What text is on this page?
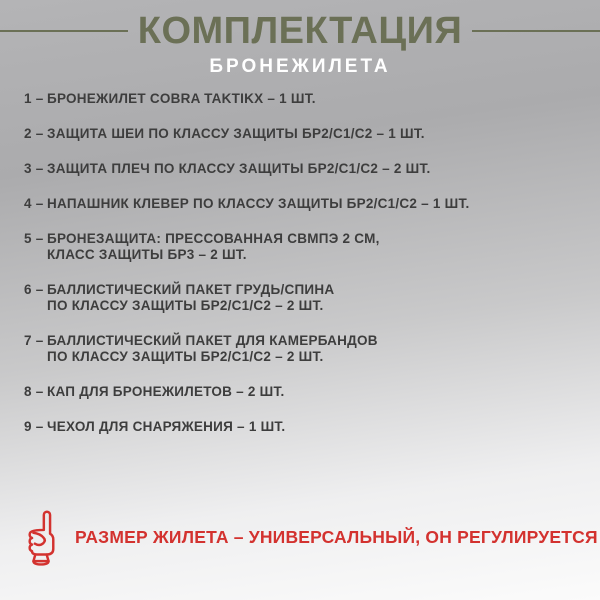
КОМПЛЕКТАЦИЯ
БРОНЕЖИЛЕТА
1 – БРОНЕЖИЛЕТ COBRA TAKTIKX – 1 ШТ.
2 – ЗАЩИТА ШЕИ ПО КЛАССУ ЗАЩИТЫ БР2/С1/С2 – 1 ШТ.
3 – ЗАЩИТА ПЛЕЧ ПО КЛАССУ ЗАЩИТЫ БР2/С1/С2 – 2 ШТ.
4 – НАПАШНИК КЛЕВЕР ПО КЛАССУ ЗАЩИТЫ БР2/С1/С2 – 1 ШТ.
5 – БРОНЕЗАЩИТА: ПРЕССОВАННАЯ СВМПЭ 2 СМ,
КЛАСС ЗАЩИТЫ БР3 – 2 ШТ.
6 – БАЛЛИСТИЧЕСКИЙ ПАКЕТ ГРУДЬ/СПИНА
ПО КЛАССУ ЗАЩИТЫ БР2/С1/С2 – 2 ШТ.
7 – БАЛЛИСТИЧЕСКИЙ ПАКЕТ ДЛЯ КАМЕРБАНДОВ
ПО КЛАССУ ЗАЩИТЫ БР2/С1/С2 – 2 ШТ.
8 – КАП ДЛЯ БРОНЕЖИЛЕТОВ – 2 ШТ.
9 – ЧЕХОЛ ДЛЯ СНАРЯЖЕНИЯ – 1 ШТ.
РАЗМЕР ЖИЛЕТА – УНИВЕРСАЛЬНЫЙ, ОН РЕГУЛИРУЕТСЯ
